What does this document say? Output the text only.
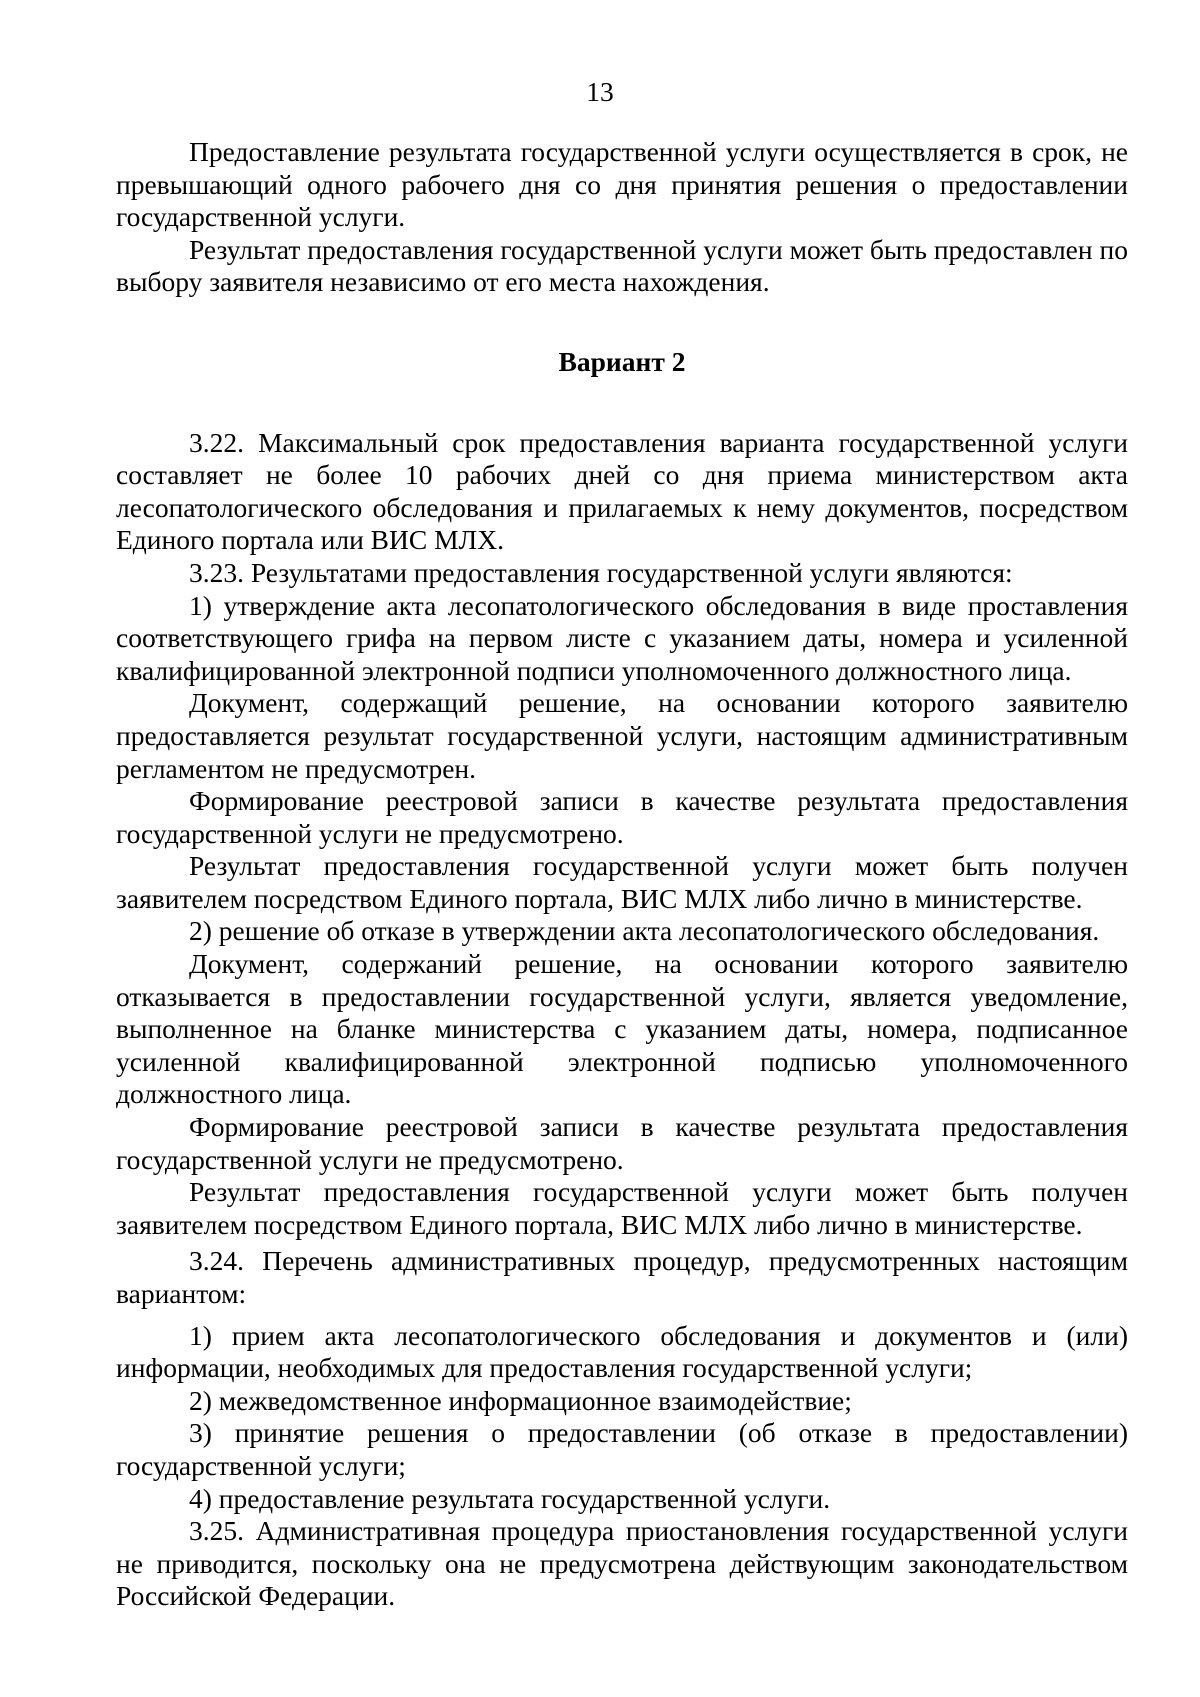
13

Предоставление результата государственной услуги осуществляется в срок, не превышающий одного рабочего дня со дня принятия решения о предоставлении государственной услуги.

Результат предоставления государственной услуги может быть предоставлен по выбору заявителя независимо от его места нахождения.

Вариант 2

3.22. Максимальный срок предоставления варианта государственной услуги составляет не более 10 рабочих дней со дня приема министерством акта лесопатологического обследования и прилагаемых к нему документов, посредством Единого портала или ВИС МЛХ.

3.23. Результатами предоставления государственной услуги являются:

1) утверждение акта лесопатологического обследования в виде проставления соответствующего грифа на первом листе с указанием даты, номера и усиленной квалифицированной электронной подписи уполномоченного должностного лица.

Документ, содержащий решение, на основании которого заявителю предоставляется результат государственной услуги, настоящим административным регламентом не предусмотрен.

Формирование реестровой записи в качестве результата предоставления государственной услуги не предусмотрено.

Результат предоставления государственной услуги может быть получен заявителем посредством Единого портала, ВИС МЛХ либо лично в министерстве.

2) решение об отказе в утверждении акта лесопатологического обследования.

Документ, содержаний решение, на основании которого заявителю отказывается в предоставлении государственной услуги, является уведомление, выполненное на бланке министерства с указанием даты, номера, подписанное усиленной квалифицированной электронной подписью уполномоченного должностного лица.

Формирование реестровой записи в качестве результата предоставления государственной услуги не предусмотрено.

Результат предоставления государственной услуги может быть получен заявителем посредством Единого портала, ВИС МЛХ либо лично в министерстве.

3.24. Перечень административных процедур, предусмотренных настоящим вариантом:

1) прием акта лесопатологического обследования и документов и (или) информации, необходимых для предоставления государственной услуги;

2) межведомственное информационное взаимодействие;

3) принятие решения о предоставлении (об отказе в предоставлении) государственной услуги;

4) предоставление результата государственной услуги.

3.25. Административная процедура приостановления государственной услуги не приводится, поскольку она не предусмотрена действующим законодательством Российской Федерации.
